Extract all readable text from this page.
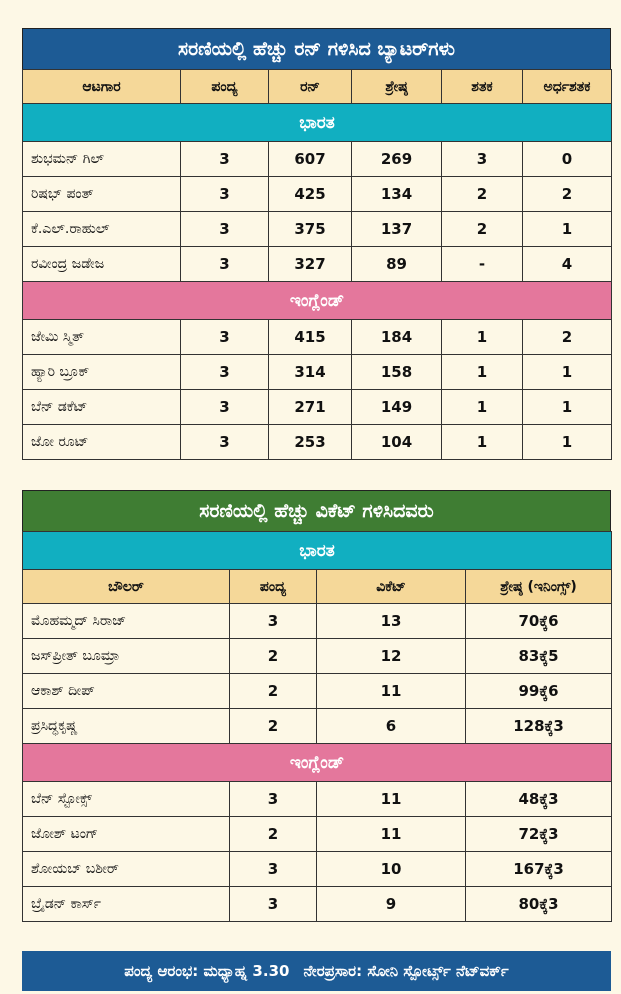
ಸರಣಿಯಲ್ಲಿ ಹೆಚ್ಚು ರನ್ ಗಳಿಸಿದ ಬ್ಯಾಟರ್‌ಗಳು
ಆಟಗಾರ	ಪಂದ್ಯ	ರನ್	ಶ್ರೇಷ್ಠ	ಶತಕ	ಅರ್ಧಶತಕ
ಭಾರತ					
ಶುಭಮನ್ ಗಿಲ್	3	607	269	3	0
ರಿಷಭ್ ಪಂತ್	3	425	134	2	2
ಕೆ.ಎಲ್.ರಾಹುಲ್	3	375	137	2	1
ರವೀಂದ್ರ ಜಡೇಜ	3	327	89	-	4
ಇಂಗ್ಲೆಂಡ್					
ಜೇಮಿ ಸ್ಮಿತ್	3	415	184	1	2
ಹ್ಯಾರಿ ಬ್ರೂಕ್	3	314	158	1	1
ಬೆನ್ ಡಕೆಟ್	3	271	149	1	1
ಜೋ ರೂಟ್	3	253	104	1	1
ಸರಣಿಯಲ್ಲಿ ಹೆಚ್ಚು ವಿಕೆಟ್ ಗಳಿಸಿದವರು
ಭಾರತ			
ಬೌಲರ್	ಪಂದ್ಯ	ವಿಕೆಟ್	ಶ್ರೇಷ್ಠ (ಇನಿಂಗ್ಸ್)
ಮೊಹಮ್ಮದ್ ಸಿರಾಜ್	3	13	70ಕ್ಕೆ6
ಜಸ್‌ಪ್ರೀತ್ ಬೂಮ್ರಾ	2	12	83ಕ್ಕೆ5
ಆಕಾಶ್ ದೀಪ್	2	11	99ಕ್ಕೆ6
ಪ್ರಸಿದ್ಧಕೃಷ್ಣ	2	6	128ಕ್ಕೆ3
ಇಂಗ್ಲೆಂಡ್			
ಬೆನ್ ಸ್ಟೋಕ್ಸ್	3	11	48ಕ್ಕೆ3
ಜೋಶ್ ಟಂಗ್	2	11	72ಕ್ಕೆ3
ಶೋಯಬ್ ಬಶೀರ್	3	10	167ಕ್ಕೆ3
ಬ್ರೈಡನ್ ಕಾರ್ಸ್	3	9	80ಕ್ಕೆ3
ಪಂದ್ಯ ಆರಂಭ: ಮಧ್ಯಾಹ್ನ 3.30 ನೇರಪ್ರಸಾರ: ಸೋನಿ ಸ್ಪೋರ್ಟ್ಸ್ ನೆಟ್‌ವರ್ಕ್
